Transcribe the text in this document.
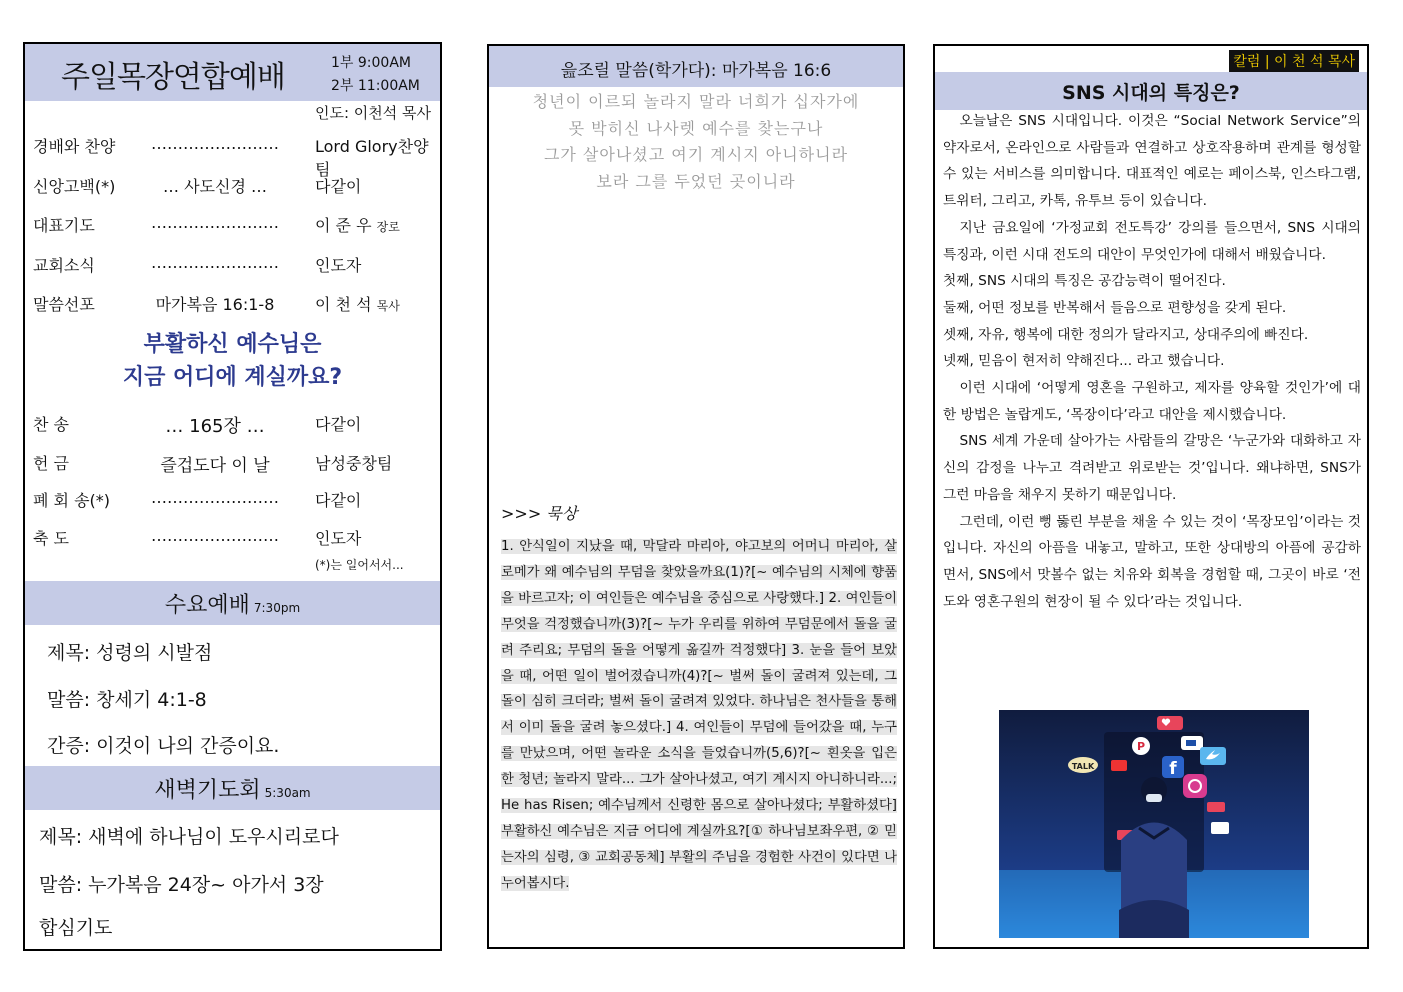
주일목장연합예배	1부 9:00AM
2부 11:00AM
인도: 이천석 목사
경배와 찬양	……………………	Lord Glory찬양팀
신앙고백(*)	… 사도신경 …	다같이
대표기도	……………………	이 준 우 장로
교회소식	……………………	인도자
말씀선포	마가복음 16:1-8	이 천 석 목사
부활하신 예수님은
지금 어디에 계실까요?
찬 송	… 165장 …	다같이
헌 금	즐겁도다 이 날	남성중창팀
폐 회 송(*)	……………………	다같이
축 도	……………………	인도자
(*)는 일어서서...
수요예배 7:30pm
제목: 성령의 시발점
말씀: 창세기 4:1-8
간증: 이것이 나의 간증이요.
새벽기도회 5:30am
제목: 새벽에 하나님이 도우시리로다
말씀: 누가복음 24장~ 아가서 3장
합심기도
읊조릴 말씀(학가다): 마가복음 16:6
청년이 이르되 놀라지 말라 너희가 십자가에
못 박히신 나사렛 예수를 찾는구나
그가 살아나셨고 여기 계시지 아니하니라
보라 그를 두었던 곳이니라
>>> 묵상
1. 안식일이 지났을 때, 막달라 마리아, 야고보의 어머니 마리아, 살로메가 왜 예수님의 무덤을 찾았을까요(1)?[~ 예수님의 시체에 향품을 바르고자; 이 여인들은 예수님을 중심으로 사랑했다.] 2. 여인들이 무엇을 걱정했습니까(3)?[~ 누가 우리를 위하여 무덤문에서 돌을 굴려 주리요; 무덤의 돌을 어떻게 옮길까 걱정했다] 3. 눈을 들어 보았을 때, 어떤 일이 벌어졌습니까(4)?[~ 벌써 돌이 굴려져 있는데, 그 돌이 심히 크더라; 벌써 돌이 굴려져 있었다. 하나님은 천사들을 통해서 이미 돌을 굴려 놓으셨다.] 4. 여인들이 무덤에 들어갔을 때, 누구를 만났으며, 어떤 놀라운 소식을 들었습니까(5,6)?[~ 흰옷을 입은 한 청년; 놀라지 말라... 그가 살아나셨고, 여기 계시지 아니하니라...; He has Risen; 예수님께서 신령한 몸으로 살아나셨다; 부활하셨다] 부활하신 예수님은 지금 어디에 계실까요?[① 하나님보좌우편, ② 믿는자의 심령, ③ 교회공동체] 부활의 주님을 경험한 사건이 있다면 나누어봅시다.
칼럼 | 이 천 석 목사
SNS 시대의 특징은?

오늘날은 SNS 시대입니다. 이것은 “Social Network Service”의 약자로서, 온라인으로 사람들과 연결하고 상호작용하며 관계를 형성할 수 있는 서비스를 의미합니다. 대표적인 예로는 페이스북, 인스타그램, 트위터, 그리고, 카톡, 유투브 등이 있습니다.

지난 금요일에 ‘가정교회 전도특강’ 강의를 들으면서, SNS 시대의 특징과, 이런 시대 전도의 대안이 무엇인가에 대해서 배웠습니다.

첫째, SNS 시대의 특징은 공감능력이 떨어진다.

둘째, 어떤 정보를 반복해서 들음으로 편향성을 갖게 된다.

셋째, 자유, 행복에 대한 정의가 달라지고, 상대주의에 빠진다.

넷째, 믿음이 현저히 약해진다... 라고 했습니다.

이런 시대에 ‘어떻게 영혼을 구원하고, 제자를 양육할 것인가’에 대한 방법은 놀랍게도, ‘목장이다’라고 대안을 제시했습니다.

SNS 세계 가운데 살아가는 사람들의 갈망은 ‘누군가와 대화하고 자신의 감정을 나누고 격려받고 위로받는 것’입니다. 왜냐하면, SNS가 그런 마음을 채우지 못하기 때문입니다.

그런데, 이런 뻥 뚫린 부분을 채울 수 있는 것이 ‘목장모임’이라는 것입니다. 자신의 아픔을 내놓고, 말하고, 또한 상대방의 아픔에 공감하면서, SNS에서 맛볼수 없는 치유와 회복을 경험할 때, 그곳이 바로 ‘전도와 영혼구원의 현장이 될 수 있다’라는 것입니다.

P
f
TALK
